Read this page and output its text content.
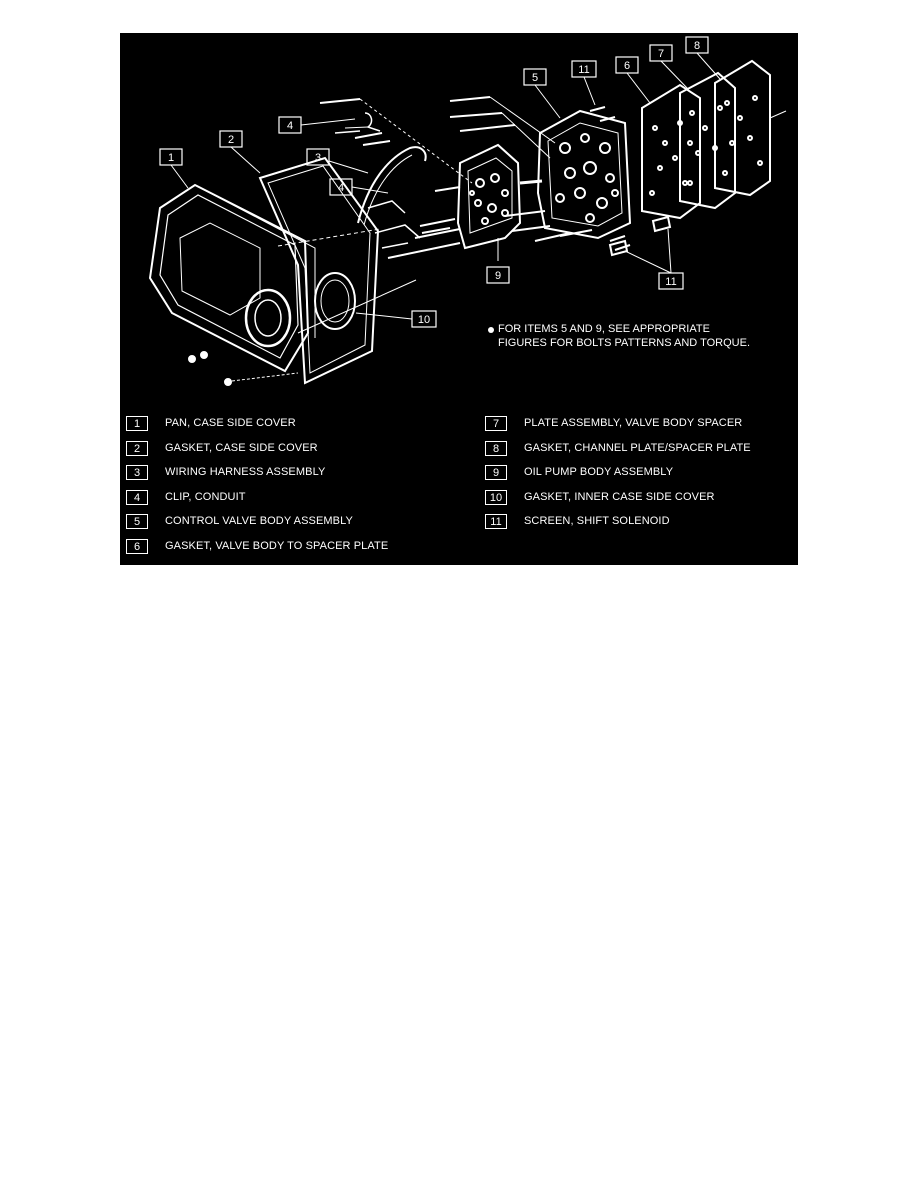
1
2
3
4
4
5
6
7
8
9
10
11
11
FOR ITEMS 5 AND 9, SEE APPROPRIATE
FIGURES FOR BOLTS PATTERNS AND TORQUE.
1	PAN, CASE SIDE COVER
2	GASKET, CASE SIDE COVER
3	WIRING HARNESS ASSEMBLY
4	CLIP, CONDUIT
5	CONTROL VALVE BODY ASSEMBLY
6	GASKET, VALVE BODY TO SPACER PLATE
7	PLATE ASSEMBLY, VALVE BODY SPACER
8	GASKET, CHANNEL PLATE/SPACER PLATE
9	OIL PUMP BODY ASSEMBLY
10	GASKET, INNER CASE SIDE COVER
11	SCREEN, SHIFT SOLENOID
